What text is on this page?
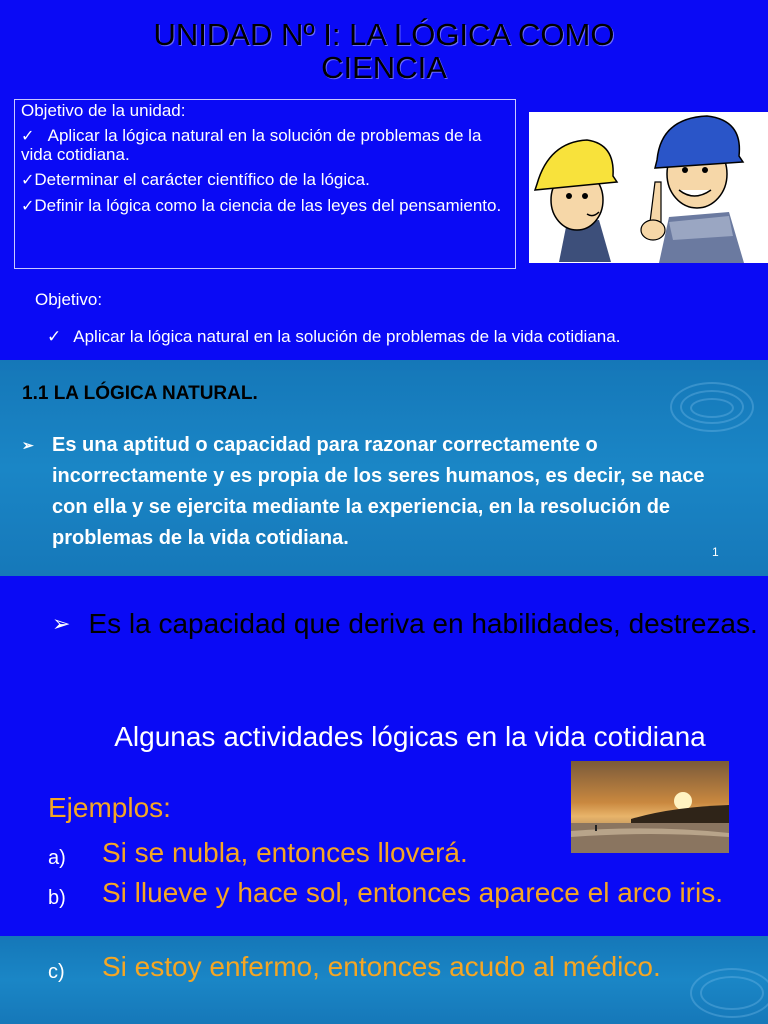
UNIDAD Nº I: LA LÓGICA COMO
CIENCIA

Objetivo de la unidad:

✓ Aplicar la lógica natural en la solución de problemas de la vida cotidiana.

✓Determinar el carácter científico de la lógica.

✓Definir la lógica como la ciencia de las leyes del pensamiento.

Objetivo:
✓ Aplicar la lógica natural en la solución de problemas de la vida cotidiana.
1.1 LA LÓGICA NATURAL.
➢ Es una aptitud o capacidad para razonar correctamente o incorrectamente y es propia de los seres humanos, es decir, se nace con ella y se ejercita mediante la experiencia, en la resolución de problemas de la vida cotidiana.
1
➢ Es la capacidad que deriva en habilidades, destrezas.
Algunas actividades lógicas en la vida cotidiana
Ejemplos:
a) Si se nubla, entonces lloverá.
b) Si llueve y hace sol, entonces aparece el arco iris.
c) Si estoy enfermo, entonces acudo al médico.
